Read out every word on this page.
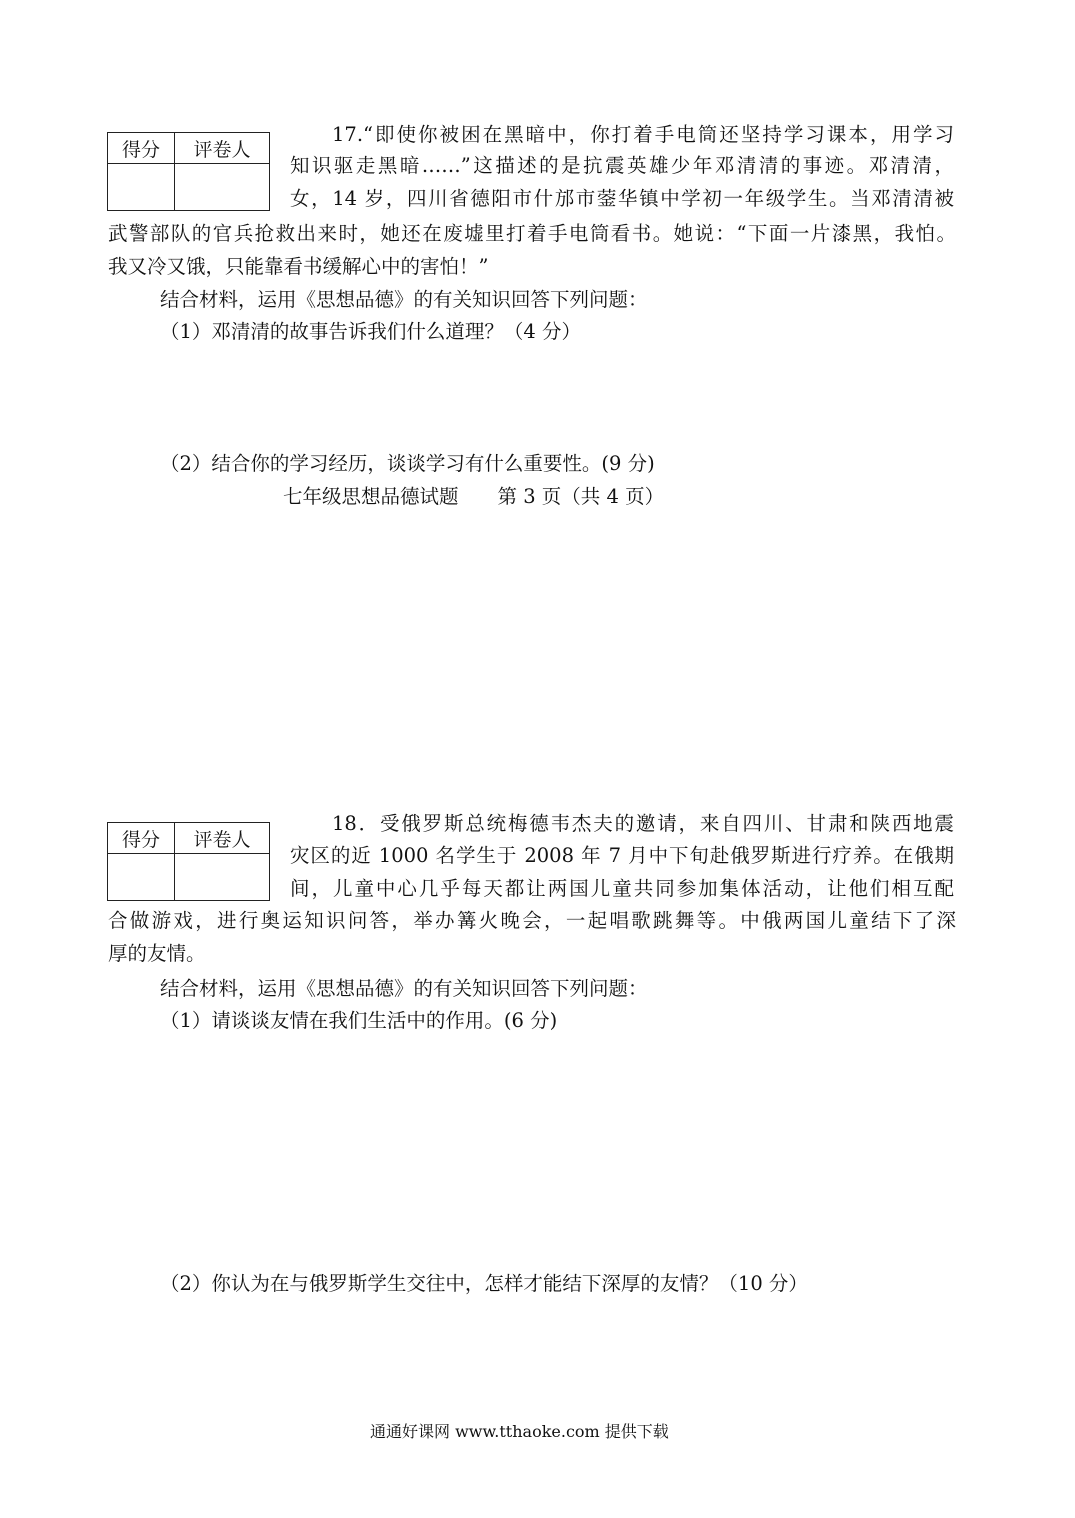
得分	评卷人

17.“即使你被困在黑暗中，你打着手电筒还坚持学习课本，用学习
知识驱走黑暗……”这描述的是抗震英雄少年邓清清的事迹。邓清清，
女，14 岁，四川省德阳市什邡市蓥华镇中学初一年级学生。当邓清清被
武警部队的官兵抢救出来时，她还在废墟里打着手电筒看书。她说：“下面一片漆黑，我怕。
我又冷又饿，只能靠看书缓解心中的害怕！”
结合材料，运用《思想品德》的有关知识回答下列问题：
（1）邓清清的故事告诉我们什么道理？（4 分）
（2）结合你的学习经历，谈谈学习有什么重要性。(9 分)
七年级思想品德试题　　第 3 页（共 4 页）
得分	评卷人

18．受俄罗斯总统梅德韦杰夫的邀请，来自四川、甘肃和陕西地震
灾区的近 1000 名学生于 2008 年 7 月中下旬赴俄罗斯进行疗养。在俄期
间，儿童中心几乎每天都让两国儿童共同参加集体活动，让他们相互配
合做游戏，进行奥运知识问答，举办篝火晚会，一起唱歌跳舞等。中俄两国儿童结下了深
厚的友情。
结合材料，运用《思想品德》的有关知识回答下列问题：
（1）请谈谈友情在我们生活中的作用。(6 分)
（2）你认为在与俄罗斯学生交往中，怎样才能结下深厚的友情？（10 分）
通通好课网 www.tthaoke.com 提供下载
